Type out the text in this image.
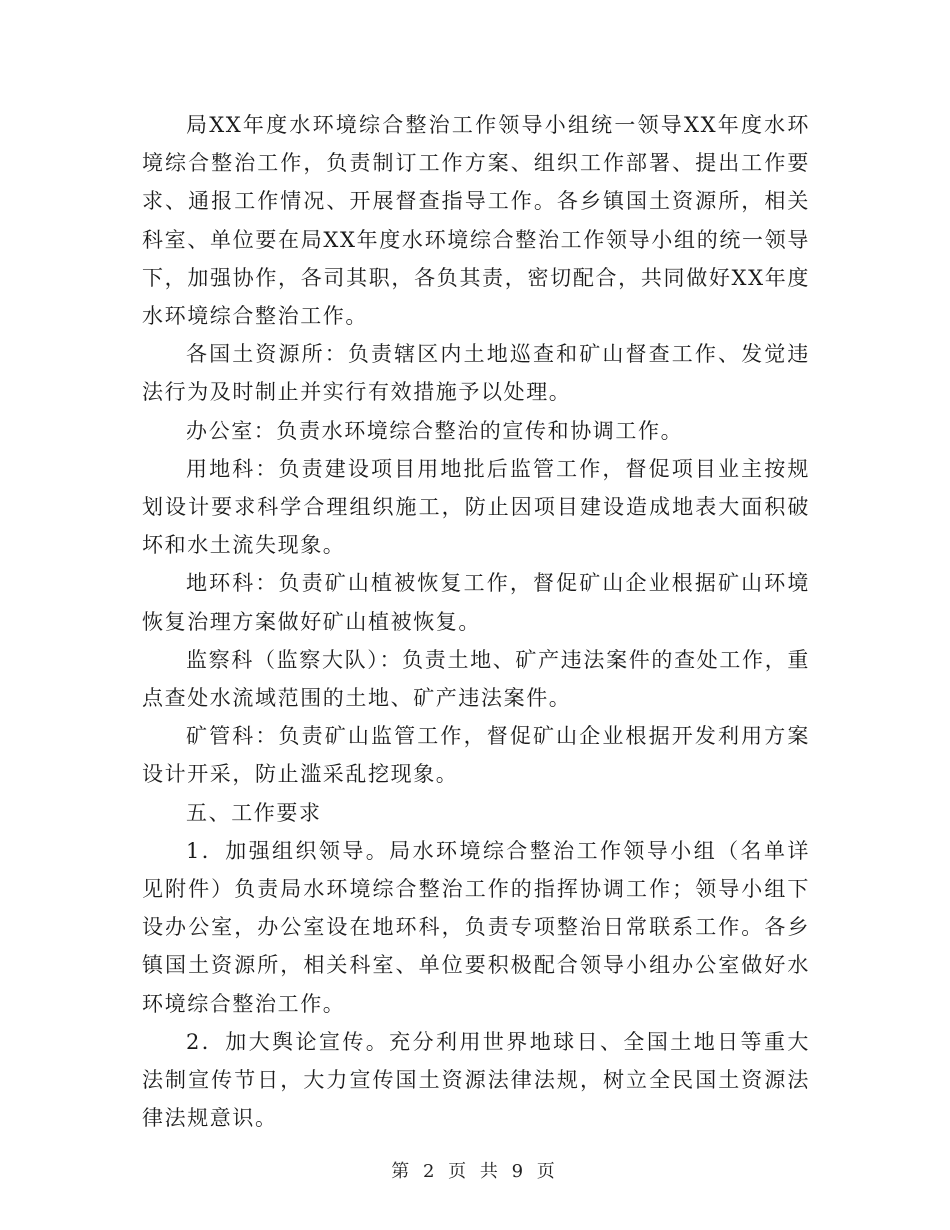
局XX年度水环境综合整治工作领导小组统一领导XX年度水环境综合整治工作，负责制订工作方案、组织工作部署、提出工作要求、通报工作情况、开展督查指导工作。各乡镇国土资源所，相关科室、单位要在局XX年度水环境综合整治工作领导小组的统一领导下，加强协作，各司其职，各负其责，密切配合，共同做好XX年度水环境综合整治工作。

各国土资源所：负责辖区内土地巡查和矿山督查工作、发觉违法行为及时制止并实行有效措施予以处理。

办公室：负责水环境综合整治的宣传和协调工作。

用地科：负责建设项目用地批后监管工作，督促项目业主按规划设计要求科学合理组织施工，防止因项目建设造成地表大面积破坏和水土流失现象。

地环科：负责矿山植被恢复工作，督促矿山企业根据矿山环境恢复治理方案做好矿山植被恢复。

监察科（监察大队）：负责土地、矿产违法案件的查处工作，重点查处水流域范围的土地、矿产违法案件。

矿管科：负责矿山监管工作，督促矿山企业根据开发利用方案设计开采，防止滥采乱挖现象。

五、工作要求

1．加强组织领导。局水环境综合整治工作领导小组（名单详见附件）负责局水环境综合整治工作的指挥协调工作；领导小组下设办公室，办公室设在地环科，负责专项整治日常联系工作。各乡镇国土资源所，相关科室、单位要积极配合领导小组办公室做好水环境综合整治工作。

2．加大舆论宣传。充分利用世界地球日、全国土地日等重大法制宣传节日，大力宣传国土资源法律法规，树立全民国土资源法律法规意识。

第 2 页 共 9 页
